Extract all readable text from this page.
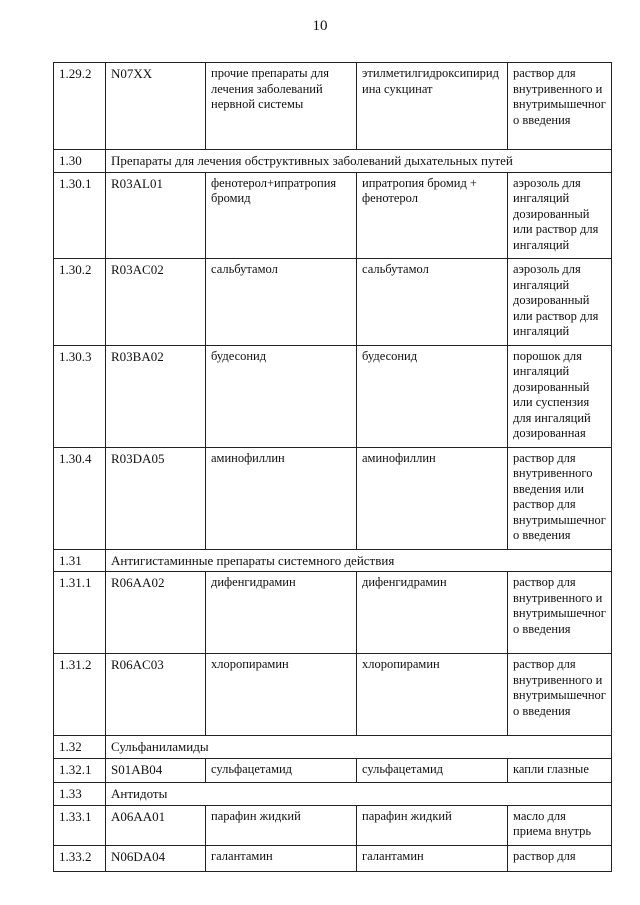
10
1.29.2	N07XX	прочие препараты для лечения заболеваний нервной системы	этилметилгидроксипиридина сукцинат	раствор для внутривенного и внутримышечного введения
1.30	Препараты для лечения обструктивных заболеваний дыхательных путей			
1.30.1	R03AL01	фенотерол+ипратропия бромид	ипратропия бромид + фенотерол	аэрозоль для ингаляций дозированный или раствор для ингаляций
1.30.2	R03AC02	сальбутамол	сальбутамол	аэрозоль для ингаляций дозированный или раствор для ингаляций
1.30.3	R03BA02	будесонид	будесонид	порошок для ингаляций дозированный или суспензия для ингаляций дозированная
1.30.4	R03DA05	аминофиллин	аминофиллин	раствор для внутривенного введения или раствор для внутримышечного введения
1.31	Антигистаминные препараты системного действия			
1.31.1	R06AA02	дифенгидрамин	дифенгидрамин	раствор для внутривенного и внутримышечного введения
1.31.2	R06AC03	хлоропирамин	хлоропирамин	раствор для внутривенного и внутримышечного введения
1.32	Сульфаниламиды			
1.32.1	S01AB04	сульфацетамид	сульфацетамид	капли глазные
1.33	Антидоты			
1.33.1	A06AA01	парафин жидкий	парафин жидкий	масло для приема внутрь
1.33.2	N06DA04	галантамин	галантамин	раствор для
